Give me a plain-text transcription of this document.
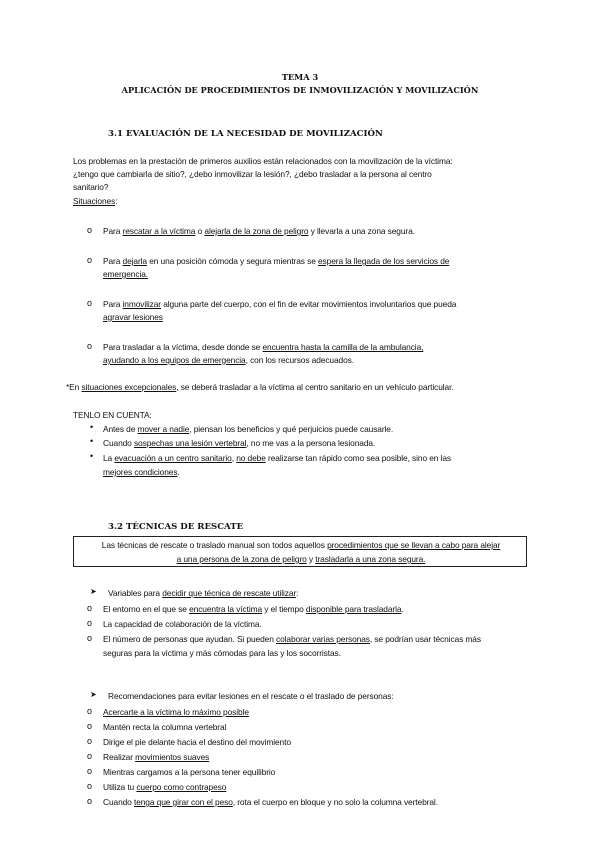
TEMA 3
APLICACIÓN DE PROCEDIMIENTOS DE INMOVILIZACIÓN Y MOVILIZACIÓN
3.1 EVALUACIÓN DE LA NECESIDAD DE MOVILIZACIÓN
Los problemas en la prestación de primeros auxilios están relacionados con la movilización de la víctima:
¿tengo que cambiarla de sitio?, ¿debo inmovilizar la lesión?, ¿debo trasladar a la persona al centro
sanitario?
Situaciones:
o Para rescatar a la víctima o alejarla de la zona de peligro y llevarla a una zona segura.
o Para dejarla en una posición cómoda y segura mientras se espera la llegada de los servicios de
emergencia.
o Para inmovilizar alguna parte del cuerpo, con el fin de evitar movimientos involuntarios que pueda
agravar lesiones
o Para trasladar a la víctima, desde donde se encuentra hasta la camilla de la ambulancia,
ayudando a los equipos de emergencia, con los recursos adecuados.
*En situaciones excepcionales, se deberá trasladar a la víctima al centro sanitario en un vehículo particular.
TENLO EN CUENTA:
• Antes de mover a nadie, piensan los beneficios y qué perjuicios puede causarle.
• Cuando sospechas una lesión vertebral, no me vas a la persona lesionada.
• La evacuación a un centro sanitario, no debe realizarse tan rápido como sea posible, sino en las
mejores condiciones.
3.2 TÉCNICAS DE RESCATE
Las técnicas de rescate o traslado manual son todos aquellos procedimientos que se llevan a cabo para alejar
a una persona de la zona de peligro y trasladarla a una zona segura.
➤ Variables para decidir que técnica de rescate utilizar:
o El entorno en el que se encuentra la víctima y el tiempo disponible para trasladarla.
o La capacidad de colaboración de la víctima.
o El número de personas que ayudan. Si pueden colaborar varias personas, se podrían usar técnicas más
seguras para la víctima y más cómodas para las y los socorristas.
➤ Recomendaciones para evitar lesiones en el rescate o el traslado de personas:
o Acercarte a la víctima lo máximo posible
o Mantén recta la columna vertebral
o Dirige el pie delante hacia el destino del movimiento
o Realizar movimientos suaves
o Mientras cargamos a la persona tener equilibrio
o Utiliza tu cuerpo como contrapeso
o Cuando tenga que girar con el peso, rota el cuerpo en bloque y no solo la columna vertebral.
